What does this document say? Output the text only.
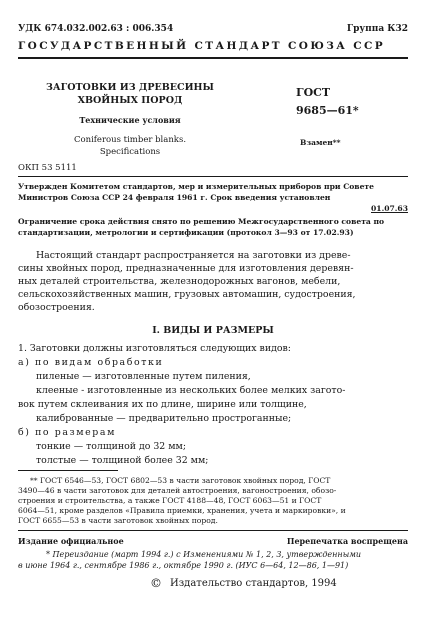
УДК 674.032.002.63 : 006.354	Группа К32
ГОСУДАРСТВЕННЫЙ СТАНДАРТ СОЮЗА ССР
ЗАГОТОВКИ ИЗ ДРЕВЕСИНЫ
ХВОЙНЫХ ПОРОД
Технические условия
Coniferous timber blanks.
Specifications
ОКП 53 5111
ГОСТ
9685—61*
Взамен**
Утвержден Комитетом стандартов, мер и измерительных приборов при Совете
Министров Союза ССР 24 февраля 1961 г. Срок введения установлен
01.07.63
Ограничение срока действия снято по решению Межгосударственного совета по
стандартизации, метрологии и сертификации (протокол 3—93 от 17.02.93)
Настоящий стандарт распространяется на заготовки из древе-
сины хвойных пород, предназначенные для изготовления деревян-
ных деталей строительства, железнодорожных вагонов, мебели,
сельскохозяйственных машин, грузовых автомашин, судостроения,
обозостроения.
I. ВИДЫ И РАЗМЕРЫ
1. Заготовки должны изготовляться следующих видов:
а) по видам обработки
пиленые — изготовленные путем пиления,
клееные - изготовленные из нескольких более мелких загото-
вок путем склеивания их по длине, ширине или толщине,
калиброванные — предварительно простроганные;
б) по размерам
тонкие — толщиной до 32 мм;
толстые — толщиной более 32 мм;
** ГОСТ 6546—53, ГОСТ 6802—53 в части заготовок хвойных пород, ГОСТ
3490—46 в части заготовок для деталей автостроения, вагоностроения, обозо-
строения и строительства, а также ГОСТ 4188—48, ГОСТ 6063—51 и ГОСТ
6064—51, кроме разделов «Правила приемки, хранения, учета и маркировки», и
ГОСТ 6655—53 в части заготовок хвойных пород.
Издание официальное	Перепечатка воспрещена
* Переиздание (март 1994 г.) с Изменениями № 1, 2, 3, утвержденными
в июне 1964 г., сентябре 1986 г., октябре 1990 г. (ИУС 6—64, 12—86, 1—91)
© Издательство стандартов, 1994
